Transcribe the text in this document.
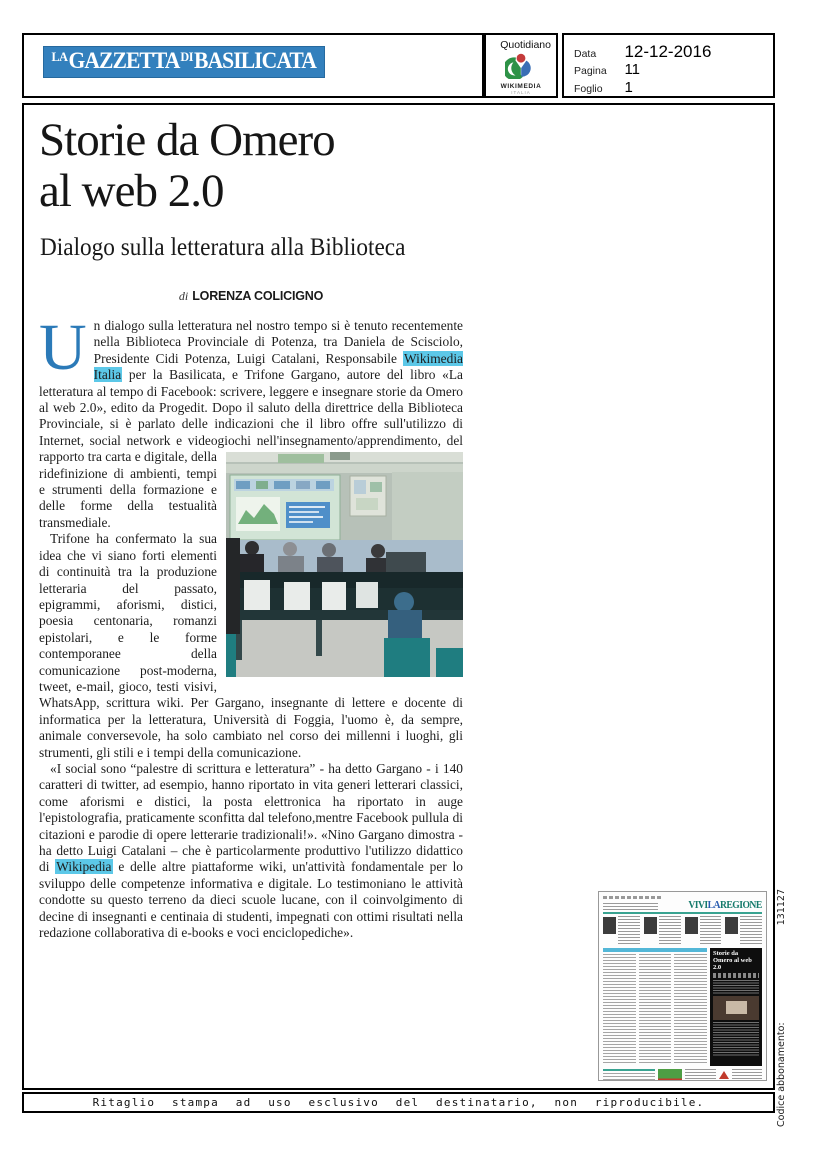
$^{LA}GAZZETTA^{DI}BASILICATA$
Quotidiano
WIKIMEDIA
ITALIA
Data 12-12-2016
Pagina 11
Foglio 1
Storie da Omero
al web 2.0
Dialogo sulla letteratura alla Biblioteca
di LORENZA COLICIGNO

Un dialogo sulla letteratura nel nostro tempo si è tenuto recentemente nella Biblioteca Provinciale di Potenza, tra Daniela de Scisciolo, Presidente Cidi Potenza, Luigi Catalani, Responsabile Wikimedia Italia per la Basilicata, e Trifone Gargano, autore del libro «La letteratura al tempo di Facebook: scrivere, leggere e insegnare storie da Omero al web 2.0», edito da Progedit. Dopo il saluto della direttrice della Biblioteca Provinciale, si è parlato delle indicazioni che il libro offre sull'utilizzo di Internet, social network e videogiochi nell'insegnamento/apprendimento, del rapporto tra carta e digitale,
della ridefinizione di ambienti, tempi e strumenti della formazione e delle forme della testualità transmediale.

Trifone ha confermato la sua idea che vi siano forti elementi di continuità tra la produzione letteraria del passato, epigrammi, aforismi, distici, poesia centonaria, romanzi epistolari, e le forme contemporanee della comunicazione post-moderna, tweet, e-mail, gioco, testi visivi, WhatsApp, scrittura wiki. Per Gargano, insegnante di lettere e docente di informatica per la letteratura, Università di Foggia, l'uomo è, da sempre, animale conversevole, ha solo cambiato nel corso dei millenni i luoghi, gli strumenti, gli stili e i tempi della comunicazione.

«I social sono “palestre di scrittura e letteratura” - ha detto Gargano - i 140 caratteri di twitter, ad esempio, hanno riportato in vita generi letterari classici, come aforismi e distici, la posta elettronica ha riportato in auge l'epistolografia, praticamente sconfitta dal telefono,mentre Facebook pullula di citazioni e parodie di opere letterarie tradizionali!». «Nino Gargano dimostra - ha detto Luigi Catalani – che è particolarmente produttivo l'utilizzo didattico di Wikipedia e delle altre piattaforme wiki, un'attività fondamentale per lo sviluppo delle competenze informativa e digitale. Lo testimoniano le attività condotte su questo terreno da dieci scuole lucane, con il coinvolgimento di decine di insegnanti e centinaia di studenti, impegnati con ottimi risultati nella redazione collaborativa di e-books e voci enciclopediche».

VIVILAREGIONE
Storie da Omero al web 2.0
Ritaglio stampa ad uso esclusivo del destinatario, non riproducibile.	Codice abbonamento:
131127
